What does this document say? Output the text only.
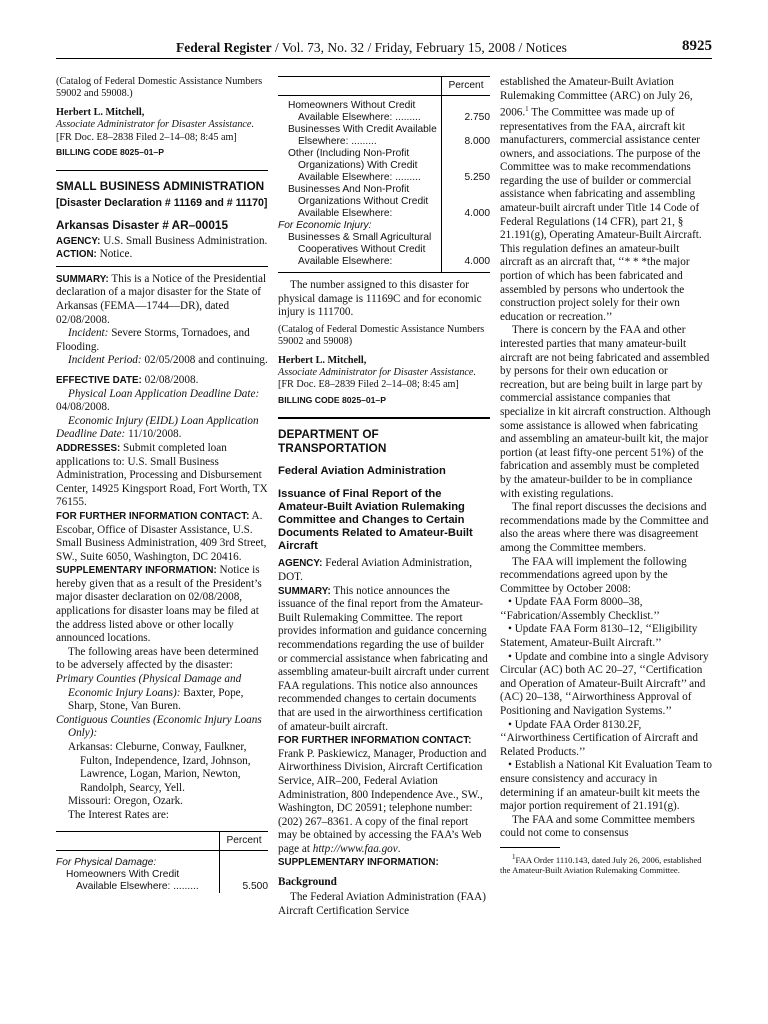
Federal Register / Vol. 73, No. 32 / Friday, February 15, 2008 / Notices	8925

(Catalog of Federal Domestic Assistance Numbers 59002 and 59008.)

Herbert L. Mitchell,

Associate Administrator for Disaster Assistance.

[FR Doc. E8–2838 Filed 2–14–08; 8:45 am]

BILLING CODE 8025–01–P

SMALL BUSINESS ADMINISTRATION

[Disaster Declaration # 11169 and # 11170]

Arkansas Disaster # AR–00015

AGENCY: U.S. Small Business Administration.

ACTION: Notice.

SUMMARY: This is a Notice of the Presidential declaration of a major disaster for the State of Arkansas (FEMA—1744—DR), dated 02/08/2008.

Incident: Severe Storms, Tornadoes, and Flooding.

Incident Period: 02/05/2008 and continuing.

EFFECTIVE DATE: 02/08/2008.

Physical Loan Application Deadline Date: 04/08/2008.

Economic Injury (EIDL) Loan Application Deadline Date: 11/10/2008.

ADDRESSES: Submit completed loan applications to: U.S. Small Business Administration, Processing and Disbursement Center, 14925 Kingsport Road, Fort Worth, TX 76155.

FOR FURTHER INFORMATION CONTACT: A. Escobar, Office of Disaster Assistance, U.S. Small Business Administration, 409 3rd Street, SW., Suite 6050, Washington, DC 20416.

SUPPLEMENTARY INFORMATION: Notice is hereby given that as a result of the President’s major disaster declaration on 02/08/2008, applications for disaster loans may be filed at the address listed above or other locally announced locations.

The following areas have been determined to be adversely affected by the disaster:

Primary Counties (Physical Damage and Economic Injury Loans): Baxter, Pope, Sharp, Stone, Van Buren.

Contiguous Counties (Economic Injury Loans Only):

Arkansas: Cleburne, Conway, Faulkner, Fulton, Independence, Izard, Johnson, Lawrence, Logan, Marion, Newton, Randolph, Searcy, Yell.

Missouri: Oregon, Ozark.

The Interest Rates are:

	Percent
For Physical Damage:	
Homeowners With Credit Available Elsewhere: .........	5.500
	Percent
Homeowners Without Credit Available Elsewhere: .........	2.750
Businesses With Credit Available Elsewhere: .........	8.000
Other (Including Non-Profit Organizations) With Credit Available Elsewhere: .........	5.250
Businesses And Non-Profit Organizations Without Credit Available Elsewhere:	4.000
For Economic Injury:	
Businesses & Small Agricultural Cooperatives Without Credit Available Elsewhere:	4.000

The number assigned to this disaster for physical damage is 11169C and for economic injury is 111700.

(Catalog of Federal Domestic Assistance Numbers 59002 and 59008)

Herbert L. Mitchell,

Associate Administrator for Disaster Assistance.

[FR Doc. E8–2839 Filed 2–14–08; 8:45 am]

BILLING CODE 8025–01–P

DEPARTMENT OF TRANSPORTATION

Federal Aviation Administration

Issuance of Final Report of the Amateur-Built Aviation Rulemaking Committee and Changes to Certain Documents Related to Amateur-Built Aircraft

AGENCY: Federal Aviation Administration, DOT.

SUMMARY: This notice announces the issuance of the final report from the Amateur-Built Rulemaking Committee. The report provides information and guidance concerning recommendations regarding the use of builder or commercial assistance when fabricating and assembling amateur-built aircraft under current FAA regulations. This notice also announces recommended changes to certain documents that are used in the airworthiness certification of amateur-built aircraft.

FOR FURTHER INFORMATION CONTACT:

Frank P. Paskiewicz, Manager, Production and Airworthiness Division, Aircraft Certification Service, AIR–200, Federal Aviation Administration, 800 Independence Ave., SW., Washington, DC 20591; telephone number: (202) 267–8361. A copy of the final report may be obtained by accessing the FAA’s Web page at http://www.faa.gov.

SUPPLEMENTARY INFORMATION:

Background

The Federal Aviation Administration (FAA) Aircraft Certification Service

established the Amateur-Built Aviation Rulemaking Committee (ARC) on July 26, 2006.$^1$ The Committee was made up of representatives from the FAA, aircraft kit manufacturers, commercial assistance center owners, and associations. The purpose of the Committee was to make recommendations regarding the use of builder or commercial assistance when fabricating and assembling amateur-built aircraft under Title 14 Code of Federal Regulations (14 CFR), part 21, § 21.191(g), Operating Amateur-Built Aircraft. This regulation defines an amateur-built aircraft as an aircraft that, ‘‘* * *the major portion of which has been fabricated and assembled by persons who undertook the construction project solely for their own education or recreation.’’

There is concern by the FAA and other interested parties that many amateur-built aircraft are not being fabricated and assembled by persons for their own education or recreation, but are being built in large part by commercial assistance companies that specialize in kit aircraft construction. Although some assistance is allowed when fabricating and assembling an amateur-built kit, the major portion (at least fifty-one percent 51%) of the fabrication and assembly must be completed by the amateur-builder to be in compliance with existing regulations.

The final report discusses the decisions and recommendations made by the Committee and also the areas where there was disagreement among the Committee members.

The FAA will implement the following recommendations agreed upon by the Committee by October 2008:

• Update FAA Form 8000–38, ‘‘Fabrication/Assembly Checklist.’’

• Update FAA Form 8130–12, ‘‘Eligibility Statement, Amateur-Built Aircraft.’’

• Update and combine into a single Advisory Circular (AC) both AC 20–27, ‘‘Certification and Operation of Amateur-Built Aircraft’’ and (AC) 20–138, ‘‘Airworthiness Approval of Positioning and Navigation Systems.’’

• Update FAA Order 8130.2F, ‘‘Airworthiness Certification of Aircraft and Related Products.’’

• Establish a National Kit Evaluation Team to ensure consistency and accuracy in determining if an amateur-built kit meets the major portion requirement of 21.191(g).

The FAA and some Committee members could not come to consensus

$^1$FAA Order 1110.143, dated July 26, 2006, established the Amateur-Built Aviation Rulemaking Committee.
